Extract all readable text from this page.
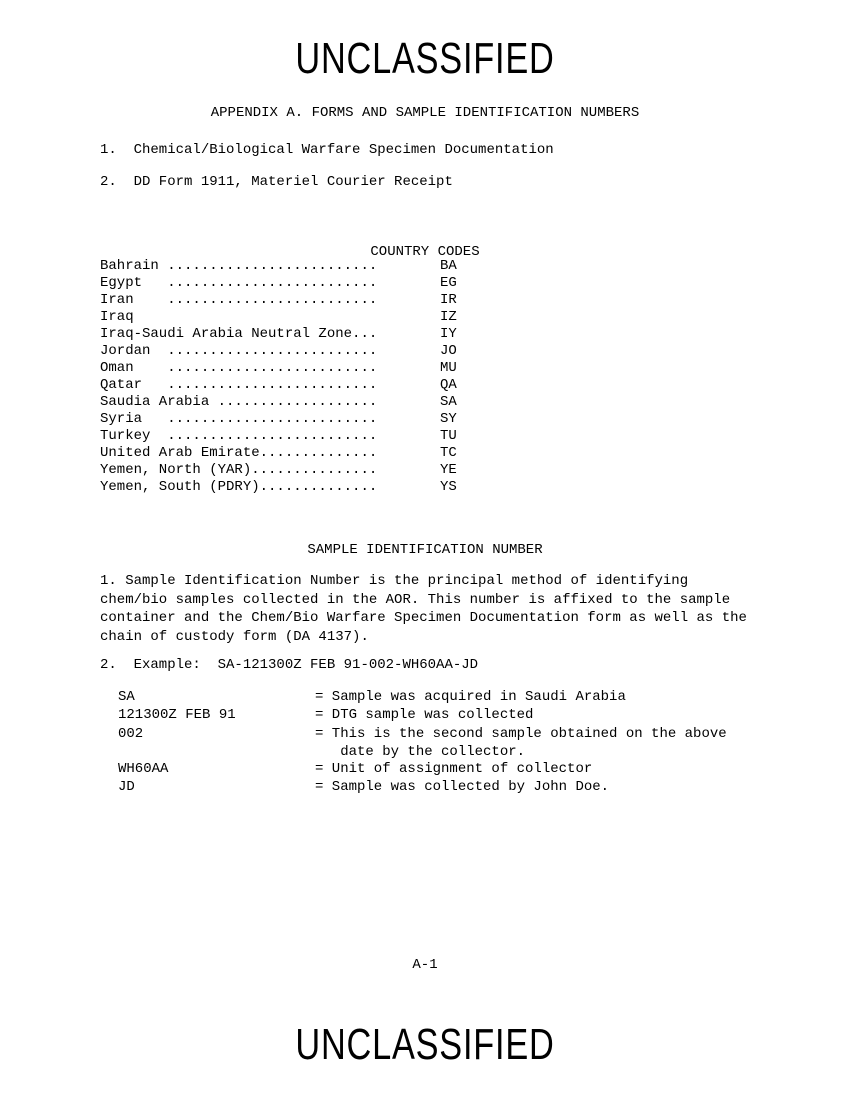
UNCLASSIFIED
APPENDIX A. FORMS AND SAMPLE IDENTIFICATION NUMBERS
1.  Chemical/Biological Warfare Specimen Documentation
2.  DD Form 1911, Materiel Courier Receipt
COUNTRY CODES
Bahrain .........................	BA
Egypt   .........................	EG
Iran    .........................	IR
Iraq	IZ
Iraq-Saudi Arabia Neutral Zone...	IY
Jordan  .........................	JO
Oman    .........................	MU
Qatar   .........................	QA
Saudia Arabia ...................	SA
Syria   .........................	SY
Turkey  .........................	TU
United Arab Emirate..............	TC
Yemen, North (YAR)...............	YE
Yemen, South (PDRY)..............	YS
SAMPLE IDENTIFICATION NUMBER
1. Sample Identification Number is the principal method of identifying chem/bio samples collected in the AOR. This number is affixed to the sample container and the Chem/Bio Warfare Specimen Documentation form as well as the chain of custody form (DA 4137).
2.  Example:  SA-121300Z FEB 91-002-WH60AA-JD
SA	= Sample was acquired in Saudi Arabia
121300Z FEB 91	= DTG sample was collected
002	= This is the second sample obtained on the above
date by the collector.
WH60AA	= Unit of assignment of collector
JD	= Sample was collected by John Doe.
A-1
UNCLASSIFIED
